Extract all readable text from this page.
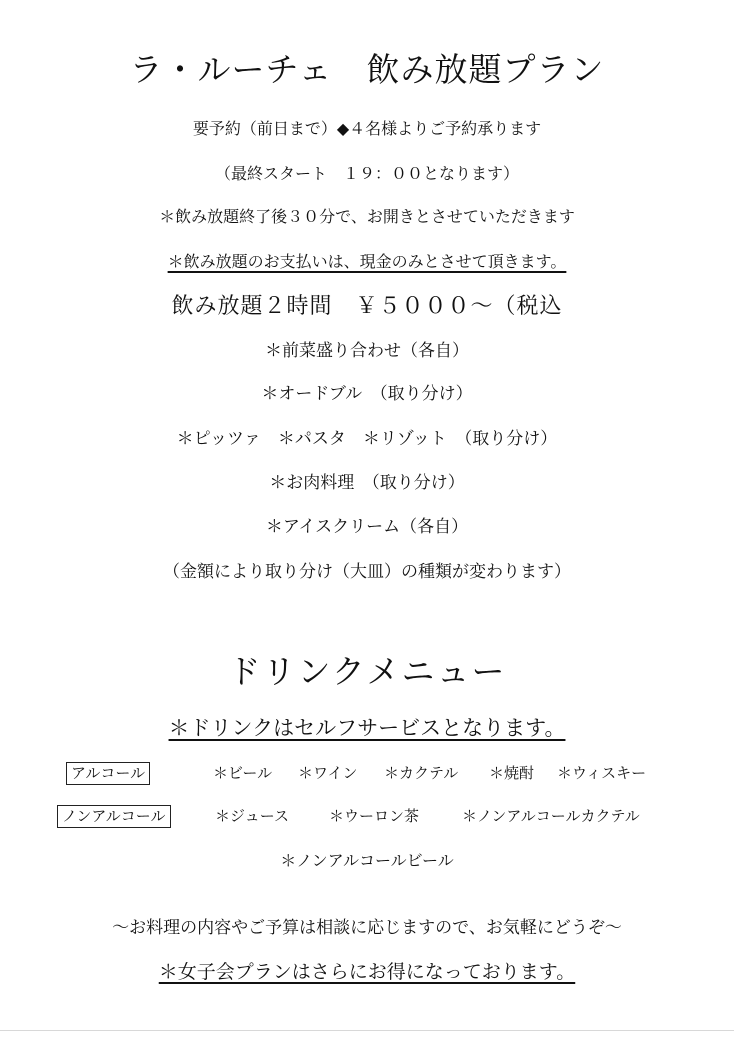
ラ・ルーチェ　飲み放題プラン
要予約（前日まで）◆４名様よりご予約承ります
（最終スタート　１９：００となります）
＊飲み放題終了後３０分で、お開きとさせていただきます
＊飲み放題のお支払いは、現金のみとさせて頂きます。
飲み放題２時間　￥５０００～（税込
＊前菜盛り合わせ（各自）
＊オードブル　（取り分け）
＊ピッツァ　＊パスタ　＊リゾット　（取り分け）
＊お肉料理　（取り分け）
＊アイスクリーム（各自）
（金額により取り分け（大皿）の種類が変わります）
ドリンクメニュー
＊ドリンクはセルフサービスとなります。
アルコール	＊ビール ＊ワイン ＊カクテル ＊焼酎 ＊ウィスキー
ノンアルコール	＊ジュース	＊ウーロン茶	＊ノンアルコールカクテル
＊ノンアルコールビール
～お料理の内容やご予算は相談に応じますので、お気軽にどうぞ～
＊女子会プランはさらにお得になっております。
